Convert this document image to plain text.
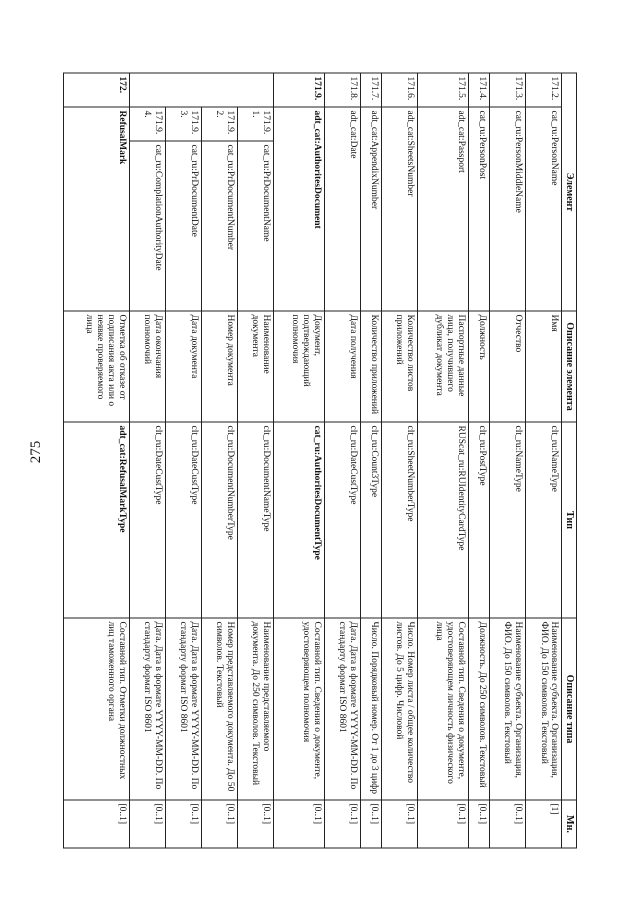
275
Элемент			Описание элемента	Тип	Описание типа	Мн.
171.2.	cat_ru:PersonName		Имя	clt_ru:NameType	Наименование субъекта. Организация, ФИО. До 150 символов. Текстовый	[1]
171.3.	cat_ru:PersonMiddleName		Отчество	clt_ru:NameType	Наименование субъекта. Организация, ФИО. До 150 символов. Текстовый	[0..1]
171.4.	cat_ru:PersonPost		Должность	clt_ru:PostType	Должность. До 250 символов. Текстовый	[0..1]
171.5.	adt_cat:Passport		Паспортные данные лица, получившего дубликат документа	RUScat_ru:RUIdentityCardType	Составной тип. Сведения о документе, удостоверяющем личность физического лица	[0..1]
171.6.	adt_cat:SheetsNumber		Количество листов приложений	clt_ru:SheetNumberType	Число. Номер листа / общее количество листов. До 5 цифр. Числовой	[0..1]
171.7.	adt_cat:AppendixNumber		Количество приложений	clt_ru:Count3Type	Число. Порядковый номер. От 1 до 3 цифр	[0..1]
171.8.	adt_cat:Date		Дата получения	clt_ru:DateCustType	Дата. Дата в формате YYYY-MM-DD. По стандарту формат ISO 8601	[0..1]
171.9.	adt_cat:AuthoritesDocument		Документ, подтверждающий полномочия	cat_ru:AuthoritesDocumentType	Составной тип. Сведения о документе, удостоверяющем полномочия	[0..1]
	171.9.1.	cat_ru:PrDocumentName	Наименование документа	clt_ru:DocumentNameType	Наименование представляемого документа. До 250 символов. Текстовый	[0..1]
	171.9.2.	cat_ru:PrDocumentNumber	Номер документа	clt_ru:DocumentNumberType	Номер представляемого документа. До 50 символов. Текстовый	[0..1]
	171.9.3.	cat_ru:PrDocumentDate	Дата документа	clt_ru:DateCustType	Дата. Дата в формате YYYY-MM-DD. По стандарту формат ISO 8601	[0..1]
	171.9.4.	cat_ru:ComplationAuthorityDate	Дата окончания полномочий	clt_ru:DateCustType	Дата. Дата в формате YYYY-MM-DD. По стандарту формат ISO 8601	[0..1]
172.	RefusalMark		Отметка об отказе от подписания акта или о неявке проверяемого лица	adt_cat:RefusalMarkType	Составной тип. Отметки должностных лиц таможенного органа	[0..1]
